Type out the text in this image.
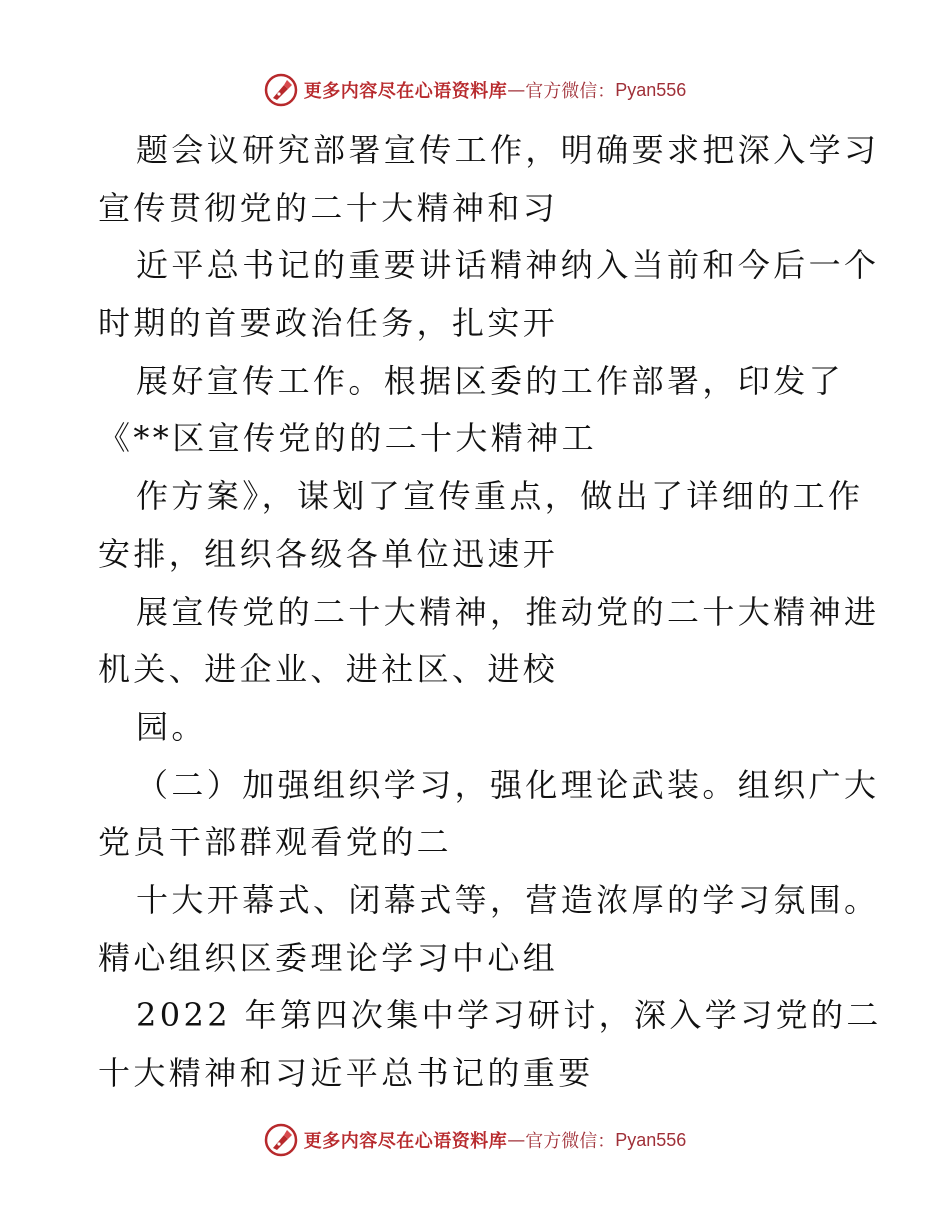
更多内容尽在心语资料库 — 官方微信： Pyan556
题会议研究部署宣传工作，明确要求把深入学习
宣传贯彻党的二十大精神和习
近平总书记的重要讲话精神纳入当前和今后一个
时期的首要政治任务，扎实开
展好宣传工作。根据区委的工作部署，印发了
《**区宣传党的的二十大精神工
作方案》，谋划了宣传重点，做出了详细的工作
安排，组织各级各单位迅速开
展宣传党的二十大精神，推动党的二十大精神进
机关、进企业、进社区、进校
园。
（二）加强组织学习，强化理论武装。组织广大
党员干部群观看党的二
十大开幕式、闭幕式等，营造浓厚的学习氛围。
精心组织区委理论学习中心组
2022 年第四次集中学习研讨，深入学习党的二
十大精神和习近平总书记的重要
更多内容尽在心语资料库 — 官方微信： Pyan556
